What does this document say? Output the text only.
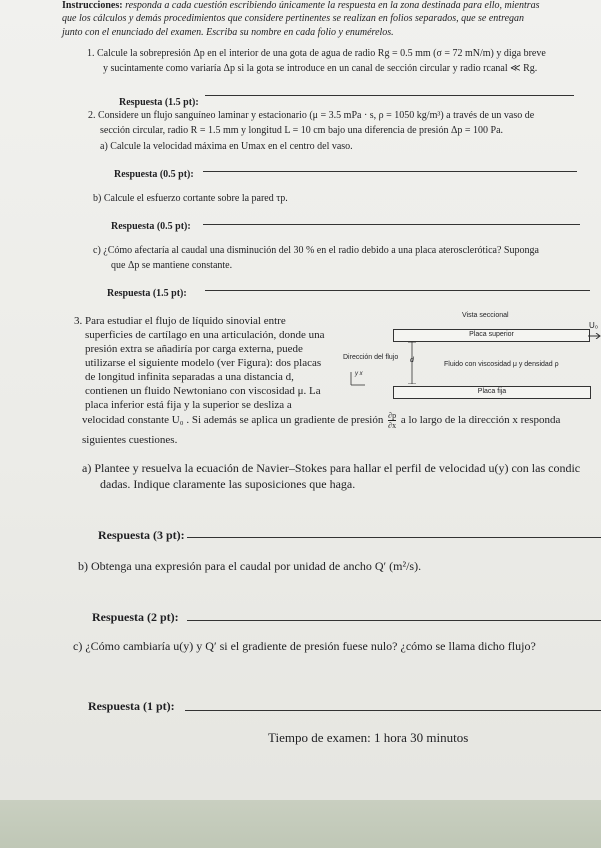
Instrucciones: responda a cada cuestión escribiendo únicamente la respuesta en la zona destinada para ello, mientras
que los cálculos y demás procedimientos que considere pertinentes se realizan en folios separados, que se entregan
junto con el enunciado del examen. Escriba su nombre en cada folio y enumérelos.
1. Calcule la sobrepresión Δp en el interior de una gota de agua de radio Rg = 0.5 mm (σ = 72 mN/m) y diga breve
y sucintamente como variaría Δp si la gota se introduce en un canal de sección circular y radio rcanal ≪ Rg.
Respuesta (1.5 pt):
2. Considere un flujo sanguíneo laminar y estacionario (μ = 3.5 mPa · s, ρ = 1050 kg/m³) a través de un vaso de
sección circular, radio R = 1.5 mm y longitud L = 10 cm bajo una diferencia de presión Δp = 100 Pa.
a) Calcule la velocidad máxima en Umax en el centro del vaso.
Respuesta (0.5 pt):
b) Calcule el esfuerzo cortante sobre la pared τp.
Respuesta (0.5 pt):
c) ¿Cómo afectaría al caudal una disminución del 30 % en el radio debido a una placa aterosclerótica? Suponga
que Δp se mantiene constante.
Respuesta (1.5 pt):
3. Para estudiar el flujo de líquido sinovial entre
superficies de cartílago en una articulación, donde una
presión extra se añadiría por carga externa, puede
utilizarse el siguiente modelo (ver Figura): dos placas
de longitud infinita separadas a una distancia d,
contienen un fluido Newtoniano con viscosidad μ. La
placa inferior está fija y la superior se desliza a
velocidad constante U₀ . Si además se aplica un gradiente de presión $\frac{\partial p}{\partial x}$ a lo largo de la dirección x responda
siguientes cuestiones.
Vista seccional
Placa superior
U₀
Dirección del flujo d
Fluido con viscosidad μ y densidad ρ
y x
Placa fija
a) Plantee y resuelva la ecuación de Navier–Stokes para hallar el perfil de velocidad u(y) con las condic
dadas. Indique claramente las suposiciones que haga.
Respuesta (3 pt):
b) Obtenga una expresión para el caudal por unidad de ancho Q′ (m²/s).
Respuesta (2 pt):
c) ¿Cómo cambiaría u(y) y Q′ si el gradiente de presión fuese nulo? ¿cómo se llama dicho flujo?
Respuesta (1 pt):
Tiempo de examen: 1 hora 30 minutos
